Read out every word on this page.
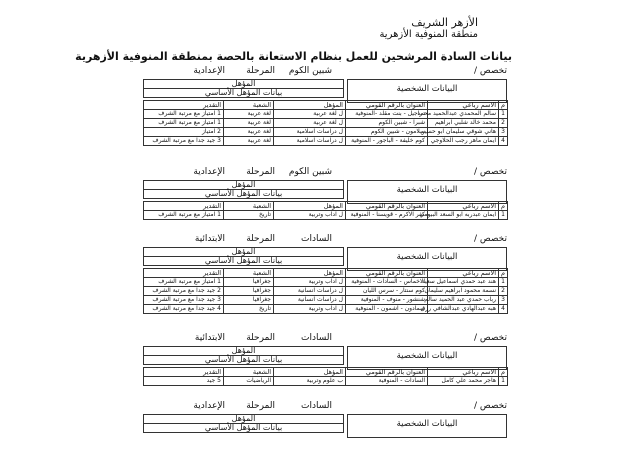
الأزهر الشريف
منطقة المنوفية الأزهرية
بيانات السادة المرشحين للعمل بنظام الاستعانة بالحصة بمنطقة المنوفية الأزهرية
تخصص /
شبين الكوم
المرحلة
الإعدادية
البيانات الشخصية
المؤهل
بيانات المؤهل الأساسي
م	الاسم رباعي	العنوان بالرقم القومي	المؤهل	الشعبة	التقدير
1	سالم المحمدي عبدالحميد محمد	دراجيل - بنت مقلد -المنوفية	ل لغة عربية	لغة عربية	1 امتياز مع مرتبة الشرف
2	محمد خالد شلبي ابراهيم	شبرا - شبين الكوم	ل لغة عربية	لغة عربية	1 امتياز مع مرتبة الشرف
3	هاني شوقي سليمان ابو حسين	سلامون - شبين الكوم	ل دراسات اسلامية	لغة عربية	2 امتياز
4	ايمان ماهر رجب الحلاوجي	كوم خليفة - الباجور - المنوفية	ل دراسات اسلامية	لغة عربية	3 جيد جدا مع مرتبة الشرف
تخصص /
شبين الكوم
المرحلة
الإعدادية
البيانات الشخصية
المؤهل
بيانات المؤهل الأساسي
م	الاسم رباعي	العنوان بالرقم القومي	المؤهل	الشعبة	التقدير
1	ايمان عبدربه ابو السعد البيومي	كفر الاكرم - قويسنا - المنوفية	ل اداب وتربية	تاريخ	1 امتياز مع مرتبة الشرف
تخصص /
السادات
المرحلة
الابتدائية
البيانات الشخصية
المؤهل
بيانات المؤهل الأساسي
م	الاسم رباعي	العنوان بالرقم القومي	المؤهل	الشعبة	التقدير
1	هند عبد حمدي اسماعيل سعيد	الاخماس - السادات - المنوفية	ل اداب وتربية	جغرافيا	1 امتياز مع مرتبة الشرف
2	نسمة محمود ابراهيم سليمان	كوم سنتار - سرس الليان	ل دراسات انسانية	جغرافيا	2 جيد جدا مع مرتبة الشرف
3	رباب حمدي عبد الحميد سالم	شنشور - منوف - المنوفية	ل دراسات انسانية	جغرافيا	3 جيد جدا مع مرتبة الشرف
4	هبه عبدالهادي عبدالشافي رزق	سمادون - اشمون - المنوفية	ل اداب وتربية	تاريخ	4 جيد جدا مع مرتبة الشرف
تخصص /
السادات
المرحلة
الابتدائية
البيانات الشخصية
المؤهل
بيانات المؤهل الأساسي
م	الاسم رباعي	العنوان بالرقم القومي	المؤهل	الشعبة	التقدير
1	هاجر محمد علي كامل	السادات - المنوفية	ب علوم وتربية	الرياضيات	5 جيد
تخصص /
السادات
المرحلة
الإعدادية
البيانات الشخصية
المؤهل
بيانات المؤهل الأساسي
